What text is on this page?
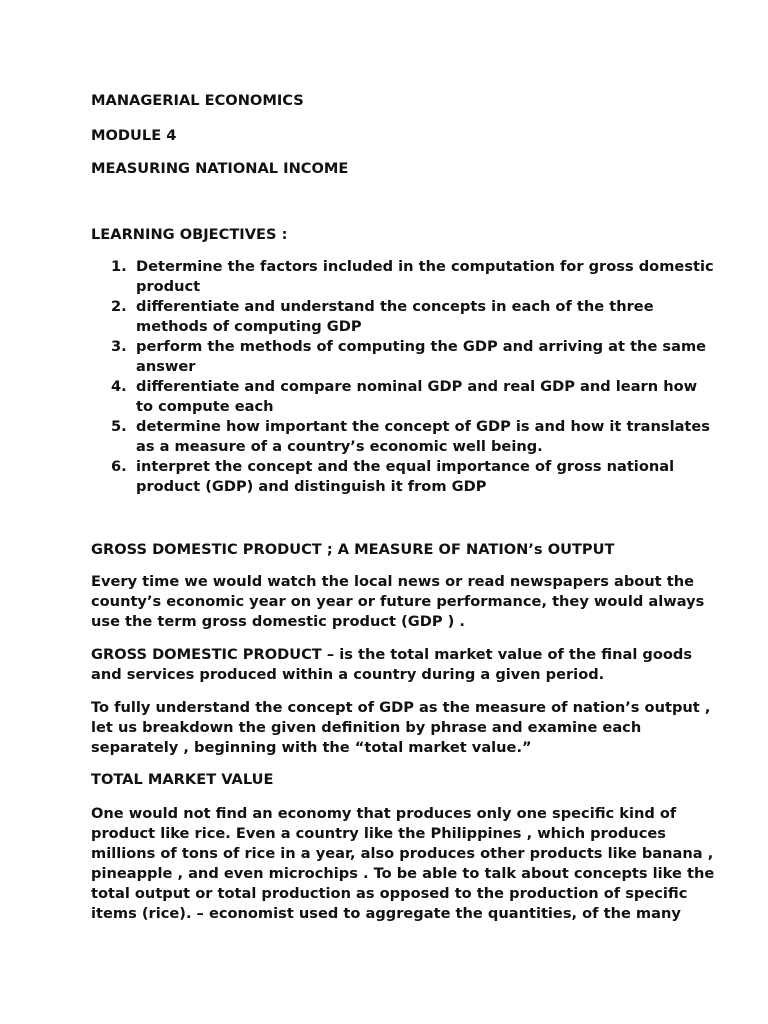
MANAGERIAL ECONOMICS

MODULE 4

MEASURING NATIONAL INCOME

LEARNING OBJECTIVES :

1. Determine the factors included in the computation for gross domestic
product
2. differentiate and understand the concepts in each of the three
methods of computing GDP
3. perform the methods of computing the GDP and arriving at the same
answer
4. differentiate and compare nominal GDP and real GDP and learn how
to compute each
5. determine how important the concept of GDP is and how it translates
as a measure of a country’s economic well being.
6. interpret the concept and the equal importance of gross national
product (GDP) and distinguish it from GDP

GROSS DOMESTIC PRODUCT ; A MEASURE OF NATION’s OUTPUT

Every time we would watch the local news or read newspapers about the
county’s economic year on year or future performance, they would always
use the term gross domestic product (GDP ) .
GROSS DOMESTIC PRODUCT – is the total market value of the final goods
and services produced within a country during a given period.
To fully understand the concept of GDP as the measure of nation’s output ,
let us breakdown the given definition by phrase and examine each
separately , beginning with the “total market value.”

TOTAL MARKET VALUE

One would not find an economy that produces only one specific kind of
product like rice. Even a country like the Philippines , which produces
millions of tons of rice in a year, also produces other products like banana ,
pineapple , and even microchips . To be able to talk about concepts like the
total output or total production as opposed to the production of specific
items (rice). – economist used to aggregate the quantities, of the many
